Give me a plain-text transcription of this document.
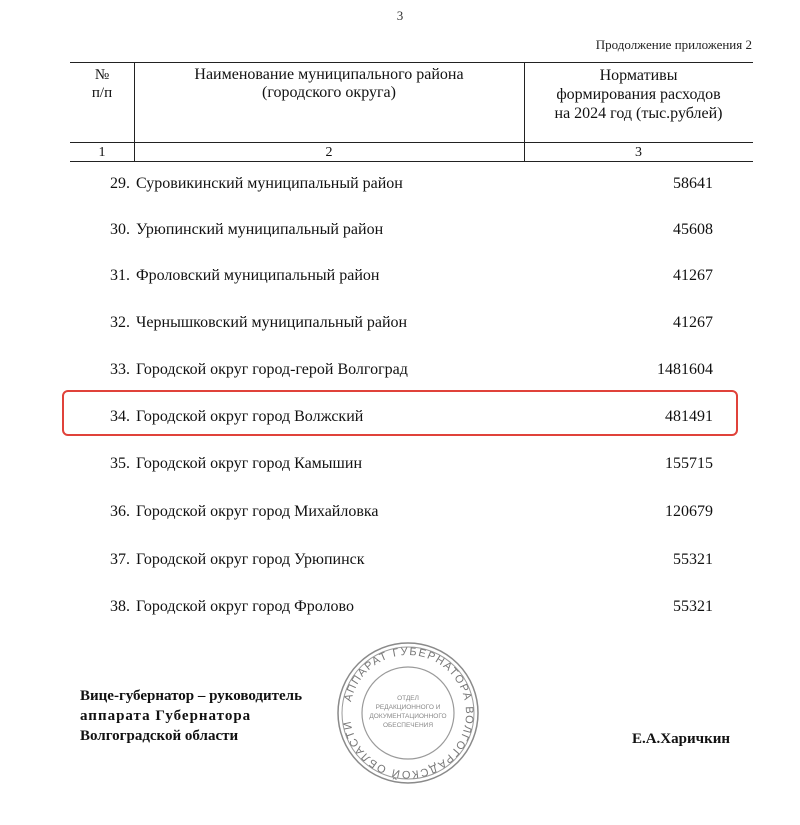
3
Продолжение приложения 2
№
п/п
Наименование муниципального района
(городского округа)
Нормативы
формирования расходов
на 2024 год (тыс.рублей)
1	2	3
29. Суровикинский муниципальный район	58641
30. Урюпинский муниципальный район	45608
31. Фроловский муниципальный район	41267
32. Чернышковский муниципальный район	41267
33. Городской округ город-герой Волгоград	1481604
34. Городской округ город Волжский	481491
35. Городской округ город Камышин	155715
36. Городской округ город Михайловка	120679
37. Городской округ город Урюпинск	55321
38. Городской округ город Фролово	55321
АППАРАТ ГУБЕРНАТОРА ВОЛГОГРАДСКОЙ ОБЛАСТИ
ОТДЕЛ
РЕДАКЦИОННОГО И
ДОКУМЕНТАЦИОННОГО
ОБЕСПЕЧЕНИЯ
Вице-губернатор – руководитель
аппарата Губернатора
Волгоградской области	Е.А.Харичкин
